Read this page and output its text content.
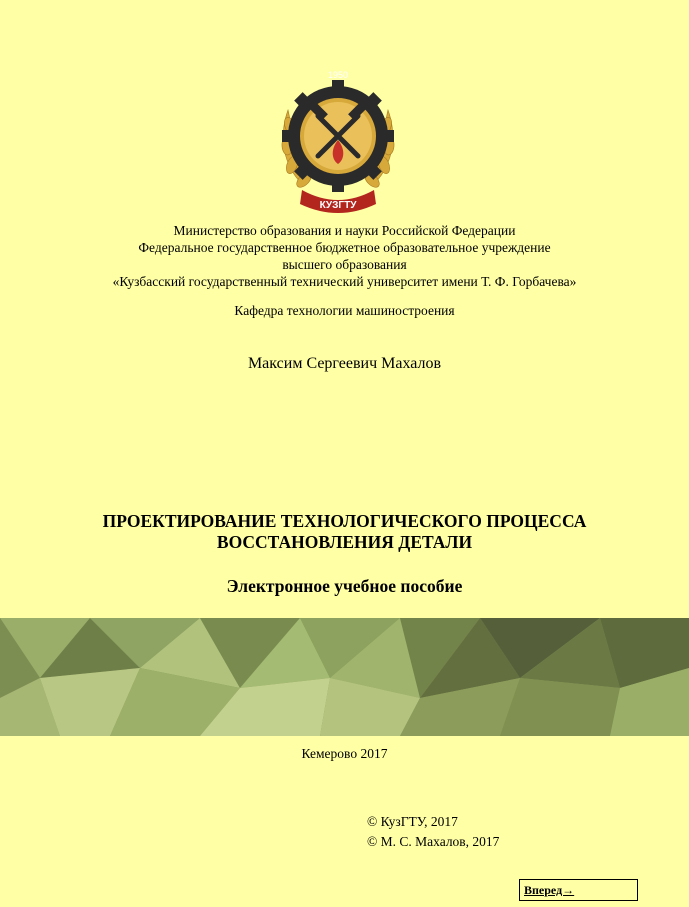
1950
КУЗГТУ
Министерство образования и науки Российской Федерации
Федеральное государственное бюджетное образовательное учреждение
высшего образования
«Кузбасский государственный технический университет имени Т. Ф. Горбачева»
Кафедра технологии машиностроения
Максим Сергеевич Махалов
ПРОЕКТИРОВАНИЕ ТЕХНОЛОГИЧЕСКОГО ПРОЦЕССА
ВОССТАНОВЛЕНИЯ ДЕТАЛИ
Электронное учебное пособие
Кемерово 2017
© КузГТУ, 2017
© М. С. Махалов, 2017
Вперед→
